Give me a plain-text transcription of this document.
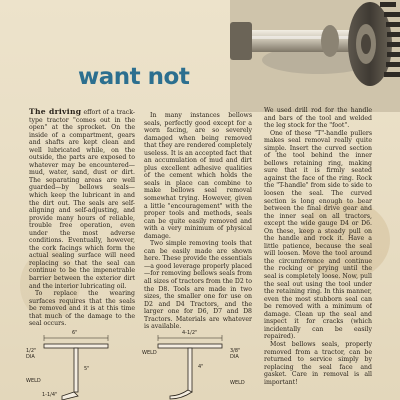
want not

The driving effort of a track-type tractor "comes out in the open" at the sprocket. On the inside of a compartment, gears and shafts are kept clean and well lubricated while, on the outside, the parts are exposed to whatever may be encountered—mud, water, sand, dust or dirt. The separating areas are well guarded—by bellows seals—which keep the lubricant in and the dirt out. The seals are self-aligning and self-adjusting, and provide many hours of reliable, trouble free operation, even under the most adverse conditions. Eventually, however, the cork facings which form the actual sealing surface will need replacing so that the seal can continue to be the impenetrable barrier between the exterior dirt and the interior lubricating oil.

To replace the wearing surfaces requires that the seals be removed and it is at this time that much of the damage to the seal occurs.

In many instances bellows seals, perfectly good except for a worn facing, are so severely damaged when being removed that they are rendered completely useless. It is an accepted fact that an accumulation of mud and dirt plus excellent adhesive qualities of the cement which holds the seals in place can combine to make bellows seal removal somewhat trying. However, given a little "encouragement" with the proper tools and methods, seals can be quite easily removed and with a very minimum of physical damage.

Two simple removing tools that can be easily made are shown here. These provide the essentials—a good leverage properly placed—for removing bellows seals from all sizes of tractors from the D2 to the D8. Tools are made in two sizes, the smaller one for use on D2 and D4 Tractors, and the larger one for D6, D7 and D8 Tractors. Materials are whatever is available.

We used drill rod for the handle and bars of the tool and welded the leg stock for the "foot".

One of these "T"-handle pullers makes seal removal really quite simple. Insert the curved section of the tool behind the inner bellows retaining ring, making sure that it is firmly seated against the face of the ring. Rock the "T-handle" from side to side to loosen the seal. The curved section is long enough to bear between the final drive gear and the inner seal on all tractors, except the wide gauge D4 or D6. On these, keep a steady pull on the handle and rock it. Have a little patience, because the seal will loosen. Move the tool around the circumference and continue the rocking or prying until the seal is completely loose. Now, pull the seal out using the tool under the retaining ring. In this manner, even the most stubborn seal can be removed with a minimum of damage. Clean up the seal and inspect it for cracks (which incidentally can be easily repaired).

Most bellows seals, properly removed from a tractor, can be returned to service simply by replacing the seal face and gasket. Care in removal is all important!

6"
1/2"
DIA
WELD
5"
1-1/4"
4-1/2"
WELD	3/8"
DIA
4"
WELD
